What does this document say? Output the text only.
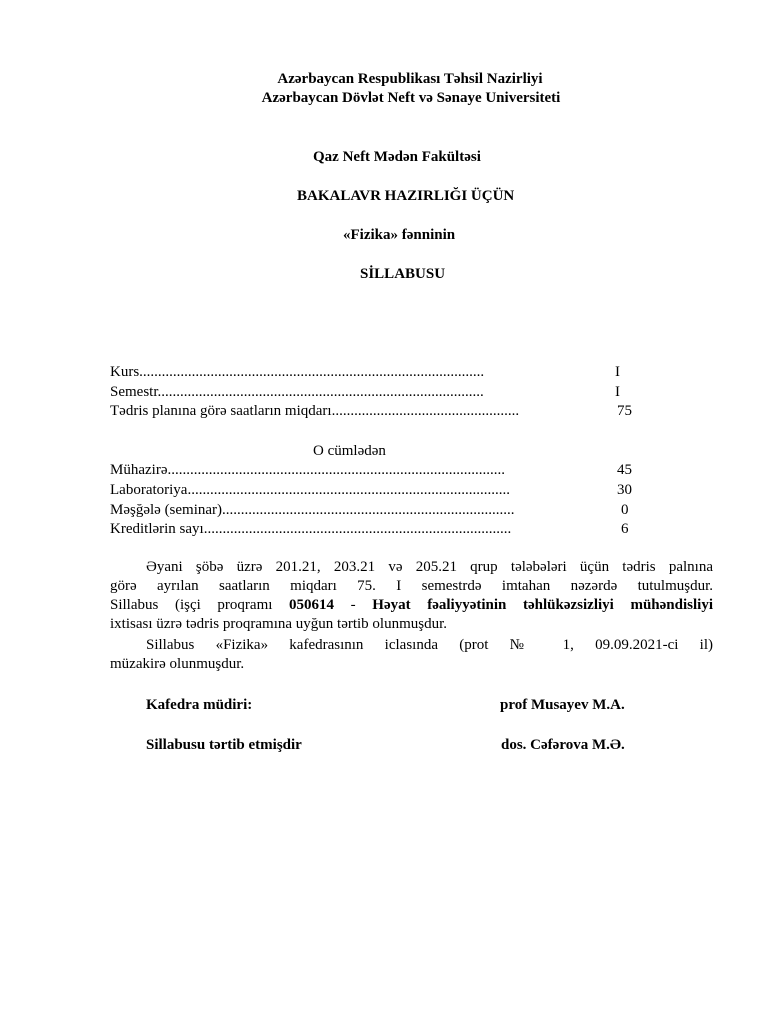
Azərbaycan Respublikası Təhsil Nazirliyi
Azərbaycan Dövlət Neft və Sənaye Universiteti
Qaz Neft Mədən Fakültəsi
BAKALAVR HAZIRLIĞI ÜÇÜN
«Fizika» fənninin
SİLLABUSU
Kurs............................................................................................	I
Semestr.......................................................................................	I
Tədris planına görə saatların miqdarı..................................................	75
O cümlədən
Mühazirə..........................................................................................	45
Laboratoriya......................................................................................	30
Məşğələ (seminar)..............................................................................	0
Kreditlərin sayı..................................................................................	6
Əyani şöbə üzrə 201.21, 203.21 və 205.21 qrup tələbələri üçün tədris palnına
görə ayrılan saatların miqdarı 75. I semestrdə imtahan nəzərdə tutulmuşdur.
Sillabus (işçi proqramı 050614 - Həyat fəaliyyətinin təhlükəzsizliyi mühəndisliyi
ixtisası üzrə tədris proqramına uyğun tərtib olunmuşdur.
Sillabus «Fizika» kafedrasının iclasında (prot № 1, 09.09.2021-ci il)
müzakirə olunmuşdur.
Kafedra müdiri:	prof Musayev M.A.
Sillabusu tərtib etmişdir	dos. Cəfərova M.Ə.
